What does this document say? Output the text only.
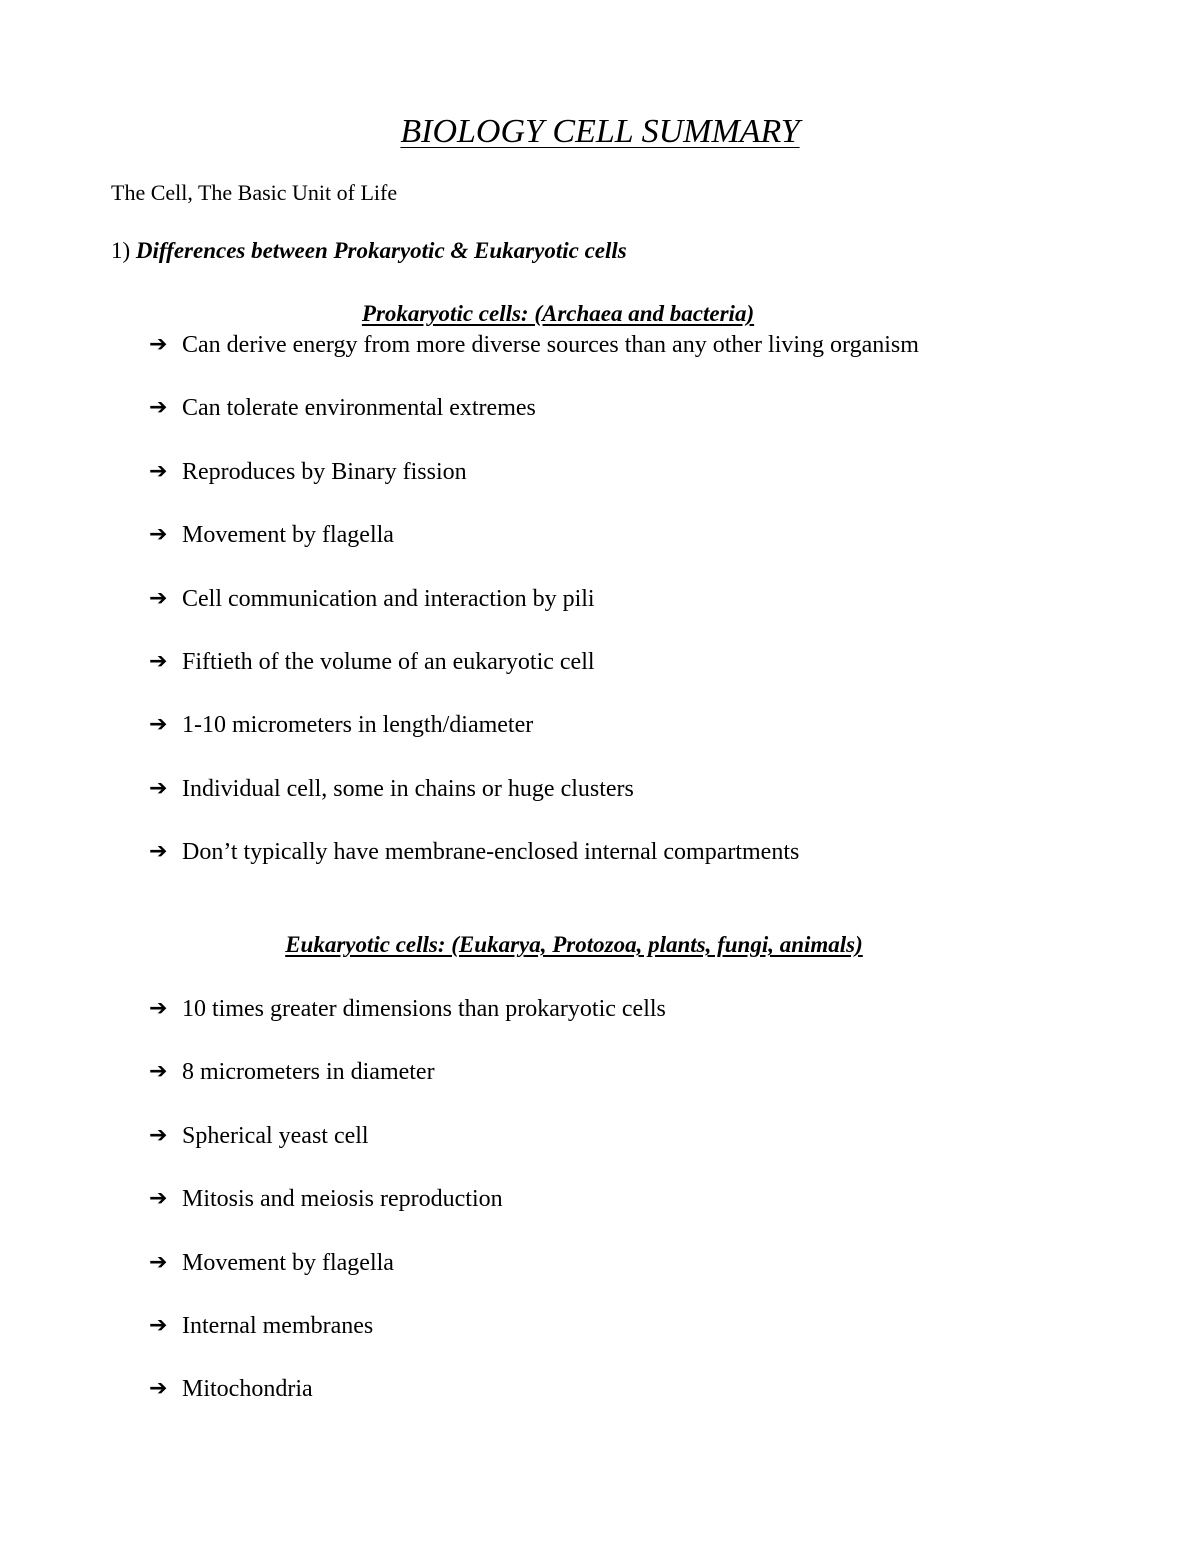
BIOLOGY CELL SUMMARY

The Cell, The Basic Unit of Life

1) Differences between Prokaryotic & Eukaryotic cells

Prokaryotic cells: (Archaea and bacteria)
➔ Can derive energy from more diverse sources than any other living organism
➔ Can tolerate environmental extremes
➔ Reproduces by Binary fission
➔ Movement by flagella
➔ Cell communication and interaction by pili
➔ Fiftieth of the volume of an eukaryotic cell
➔ 1-10 micrometers in length/diameter
➔ Individual cell, some in chains or huge clusters
➔ Don’t typically have membrane-enclosed internal compartments
Eukaryotic cells: (Eukarya, Protozoa, plants, fungi, animals)
➔ 10 times greater dimensions than prokaryotic cells
➔ 8 micrometers in diameter
➔ Spherical yeast cell
➔ Mitosis and meiosis reproduction
➔ Movement by flagella
➔ Internal membranes
➔ Mitochondria
